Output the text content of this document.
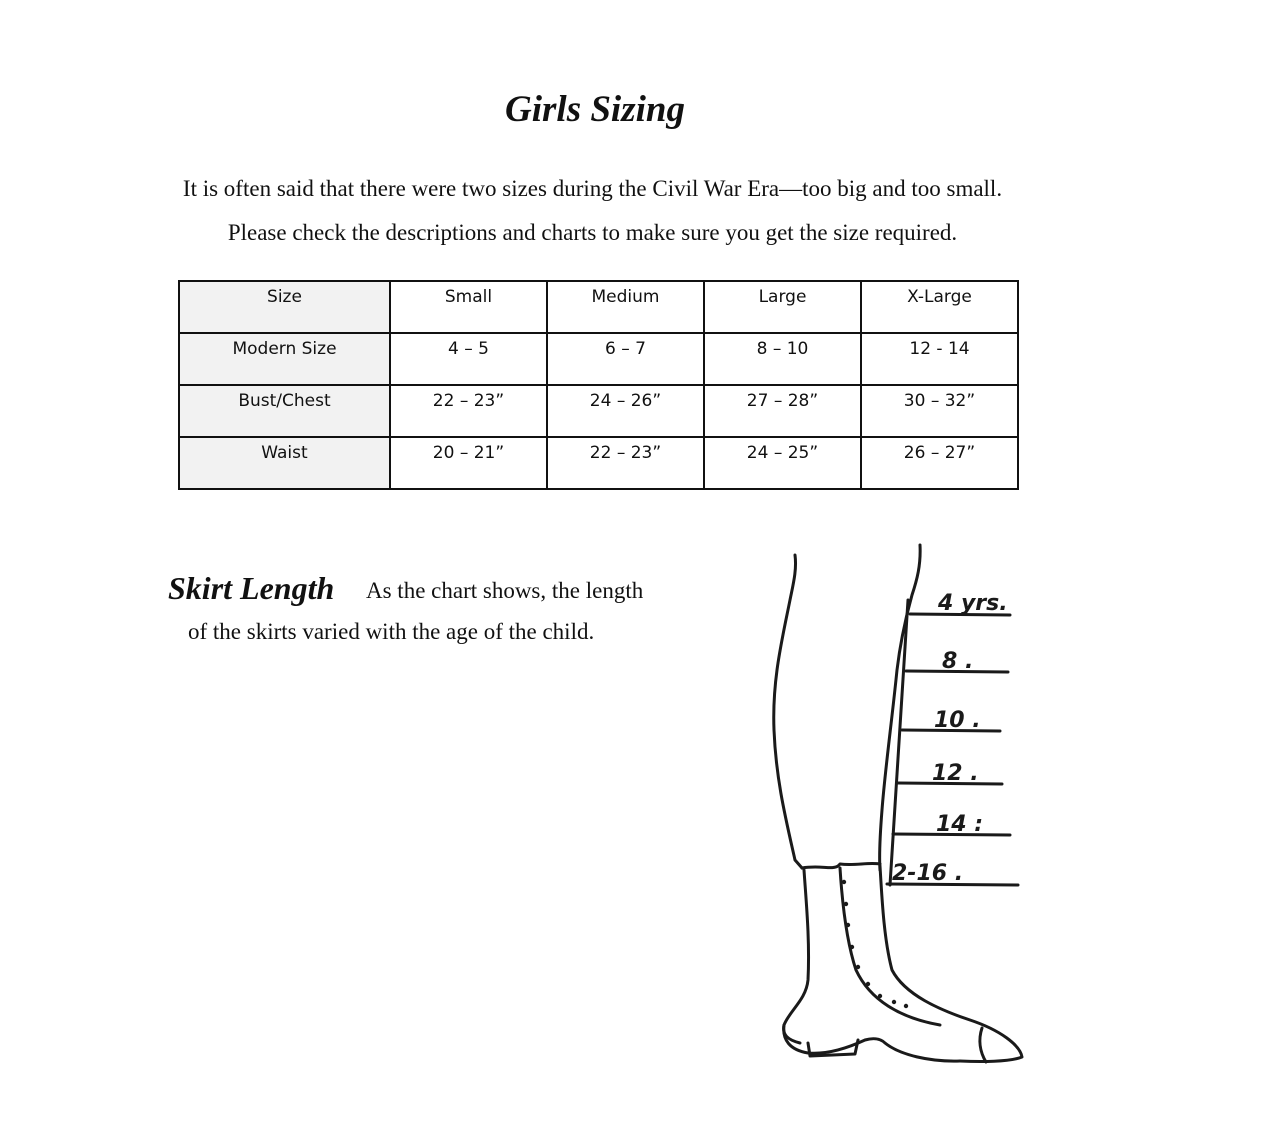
Girls Sizing
It is often said that there were two sizes during the Civil War Era—too big and too small.
Please check the descriptions and charts to make sure you get the size required.
Size	Small	Medium	Large	X-Large
Modern Size	4 – 5	6 – 7	8 – 10	12 - 14
Bust/Chest	22 – 23”	24 – 26”	27 – 28”	30 – 32”
Waist	20 – 21”	22 – 23”	24 – 25”	26 – 27”
Skirt Length As the chart shows, the length
of the skirts varied with the age of the child.
4 yrs.
8 .
10 .
12 .
14 :
2-16 .
